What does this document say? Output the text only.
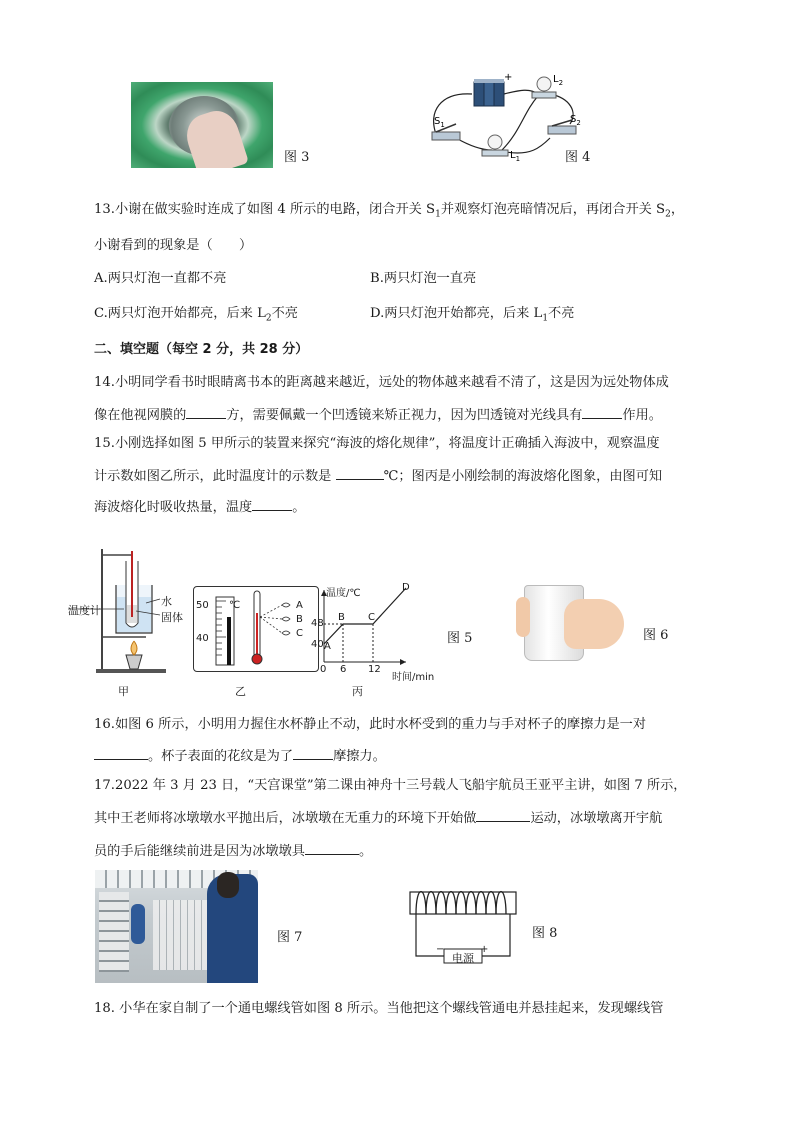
图 3
+	$L_2$
$S_1$
$L_1$
$S_2$
图 4
13.小谢在做实验时连成了如图 4 所示的电路，闭合开关 $S_1$并观察灯泡亮暗情况后，再闭合开关 $S_2$，
小谢看到的现象是（　　）
A.两只灯泡一直都不亮	B.两只灯泡一直亮
C.两只灯泡开始都亮，后来 $L_2$不亮	D.两只灯泡开始都亮，后来 $L_1$不亮
二、填空题（每空 2 分，共 28 分）
14.小明同学看书时眼睛离书本的距离越来越近，远处的物体越来越看不清了，这是因为远处物体成
像在他视网膜的	方，需要佩戴一个凹透镜来矫正视力，因为凹透镜对光线具有	作用。
15.小刚选择如图 5 甲所示的装置来探究“海波的熔化规律”，将温度计正确插入海波中，观察温度
计示数如图乙所示，此时温度计的示数是	℃；图丙是小刚绘制的海波熔化图象，由图可知
海波熔化时吸收热量，温度	。
温度计
水
固体
甲
50
40
℃	A
B
C
乙
温度/℃
D
48
40
B C
A
0 6 12
时间/min
丙
图 5	图 6
16.如图 6 所示，小明用力握住水杯静止不动，此时水杯受到的重力与手对杯子的摩擦力是一对
。杯子表面的花纹是为了	摩擦力。
17.2022 年 3 月 23 日，“天宫课堂”第二课由神舟十三号载人飞船宇航员王亚平主讲，如图 7 所示，
其中王老师将冰墩墩水平抛出后，冰墩墩在无重力的环境下开始做	运动，冰墩墩离开宇航
员的手后能继续前进是因为冰墩墩具	。
图 7
电源
−	+
图 8
18. 小华在家自制了一个通电螺线管如图 8 所示。当他把这个螺线管通电并悬挂起来，发现螺线管
